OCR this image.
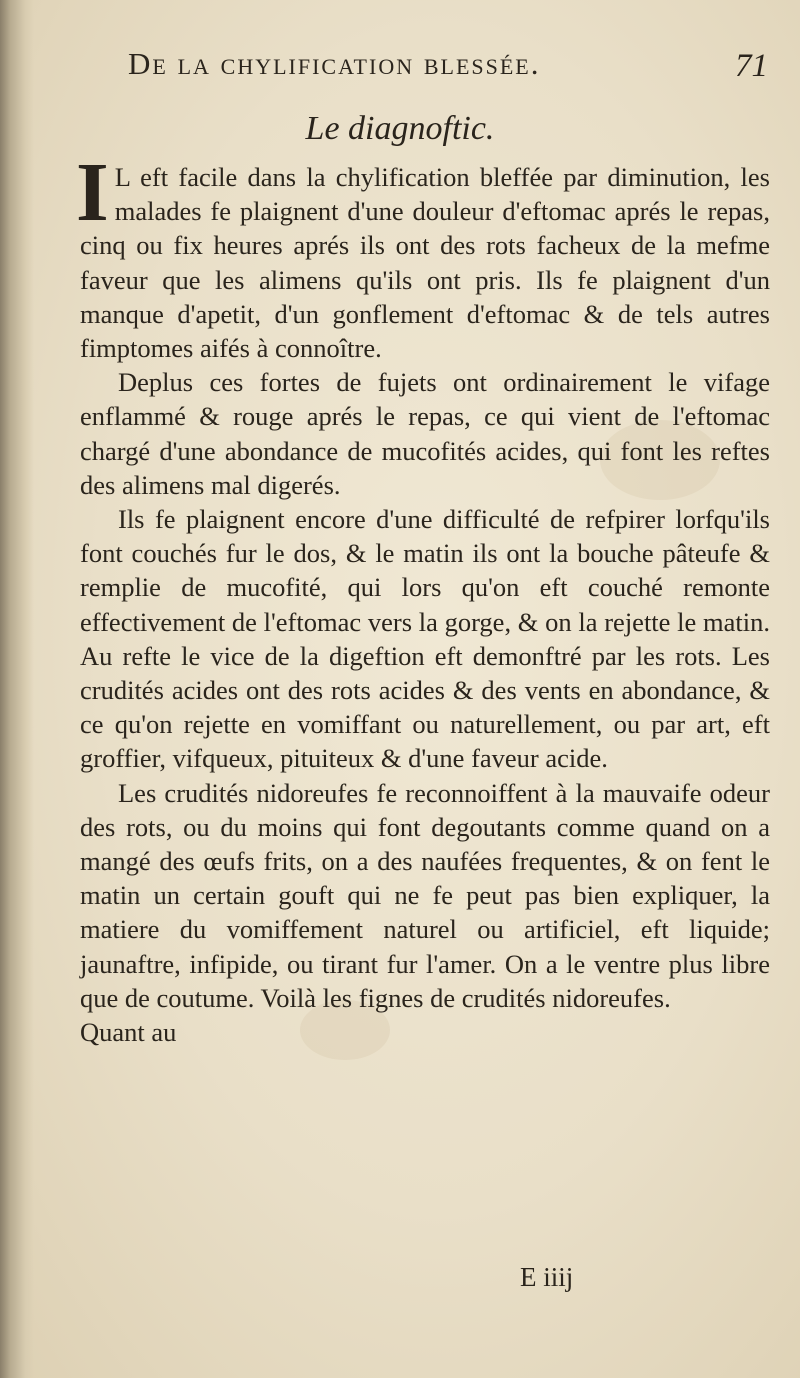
De la chylification blessée.	71
Le diagnoftic.

I L eft facile dans la chylification bleffée par diminution, les malades fe plaignent d'une douleur d'eftomac aprés le repas, cinq ou fix heures aprés ils ont des rots facheux de la mefme faveur que les alimens qu'ils ont pris. Ils fe plaignent d'un manque d'apetit, d'un gonflement d'eftomac & de tels autres fimptomes aifés à connoître.

Deplus ces fortes de fujets ont ordinairement le vifage enflammé & rouge aprés le repas, ce qui vient de l'eftomac chargé d'une abondance de mucofités acides, qui font les reftes des alimens mal digerés.

Ils fe plaignent encore d'une difficulté de refpirer lorfqu'ils font couchés fur le dos, & le matin ils ont la bouche pâteufe & remplie de mucofité, qui lors qu'on eft couché remonte effectivement de l'eftomac vers la gorge, & on la rejette le matin. Au refte le vice de la digeftion eft demonftré par les rots. Les crudités acides ont des rots acides & des vents en abondance, & ce qu'on rejette en vomiffant ou naturellement, ou par art, eft groffier, vifqueux, pituiteux & d'une faveur acide.

Les crudités nidoreufes fe reconnoiffent à la mauvaife odeur des rots, ou du moins qui font degoutants comme quand on a mangé des œufs frits, on a des naufées frequentes, & on fent le matin un certain gouft qui ne fe peut pas bien expliquer, la matiere du vomiffement naturel ou artificiel, eft liquide; jaunaftre, infipide, ou tirant fur l'amer. On a le ventre plus libre que de coutume. Voilà les fignes de crudités nidoreufes.

Quant au

E iiij
